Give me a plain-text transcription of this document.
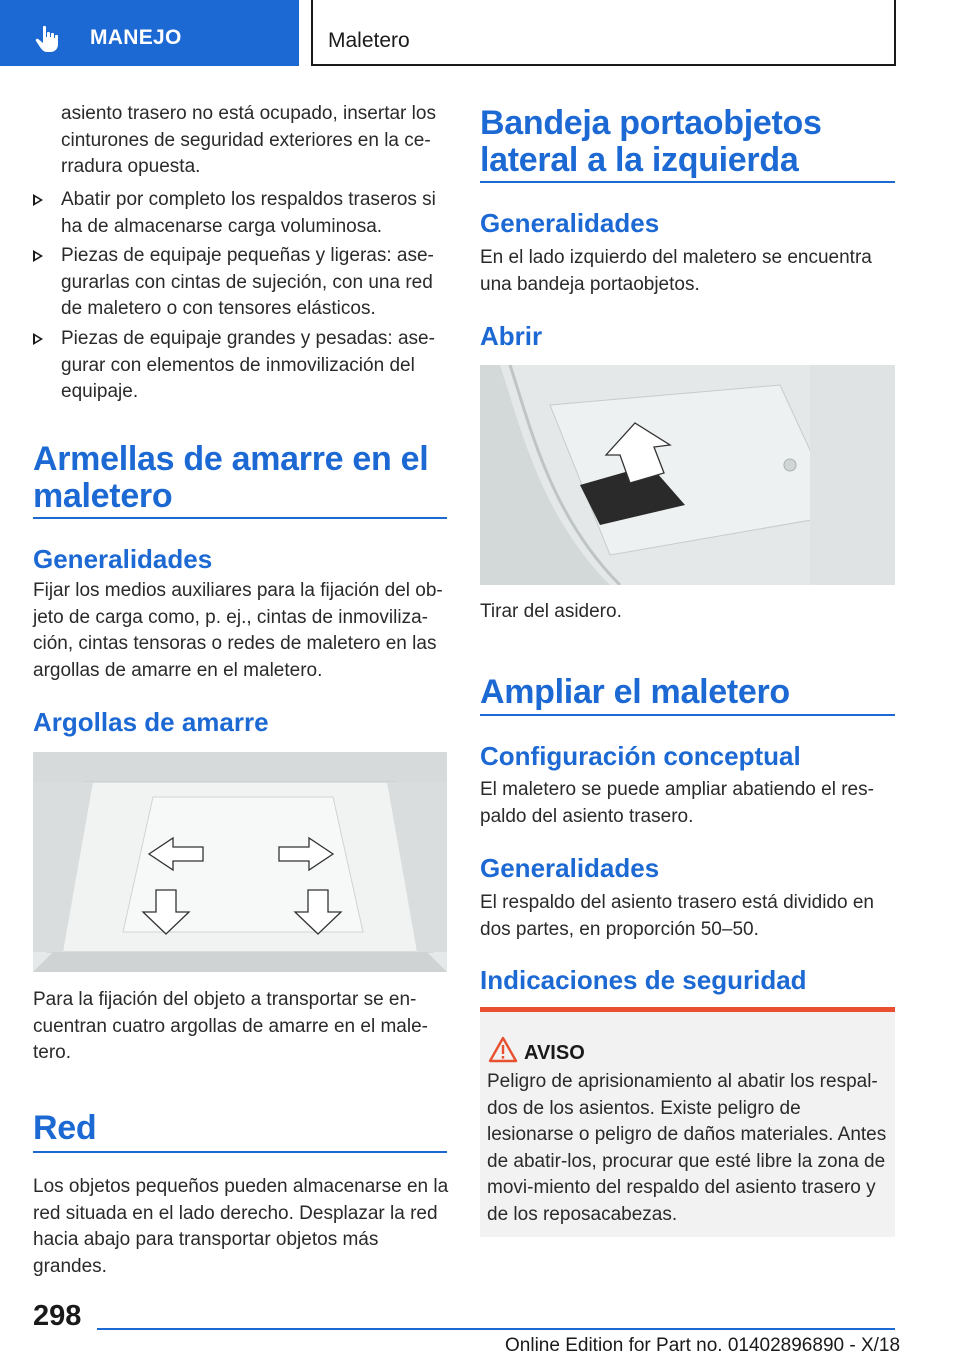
MANEJO	Maletero
asiento trasero no está ocupado, insertar los cinturones de seguridad exteriores en la ce-rradura opuesta.
Abatir por completo los respaldos traseros si ha de almacenarse carga voluminosa.
Piezas de equipaje pequeñas y ligeras: ase-gurarlas con cintas de sujeción, con una red de maletero o con tensores elásticos.
Piezas de equipaje grandes y pesadas: ase-gurar con elementos de inmovilización del equipaje.
Armellas de amarre en el maletero
Generalidades
Fijar los medios auxiliares para la fijación del ob-jeto de carga como, p. ej., cintas de inmoviliza-ción, cintas tensoras o redes de maletero en las argollas de amarre en el maletero.
Argollas de amarre
Para la fijación del objeto a transportar se en-cuentran cuatro argollas de amarre en el male-tero.
Red
Los objetos pequeños pueden almacenarse en la red situada en el lado derecho. Desplazar la red hacia abajo para transportar objetos más grandes.
Bandeja portaobjetos lateral a la izquierda
Generalidades
En el lado izquierdo del maletero se encuentra una bandeja portaobjetos.
Abrir
Tirar del asidero.
Ampliar el maletero
Configuración conceptual
El maletero se puede ampliar abatiendo el res-paldo del asiento trasero.
Generalidades
El respaldo del asiento trasero está dividido en dos partes, en proporción 50–50.
Indicaciones de seguridad
AVISO
Peligro de aprisionamiento al abatir los respal-dos de los asientos. Existe peligro de lesionarse o peligro de daños materiales. Antes de abatir-los, procurar que esté libre la zona de movi-miento del respaldo del asiento trasero y de los reposacabezas.
298
Online Edition for Part no. 01402896890 - X/18
